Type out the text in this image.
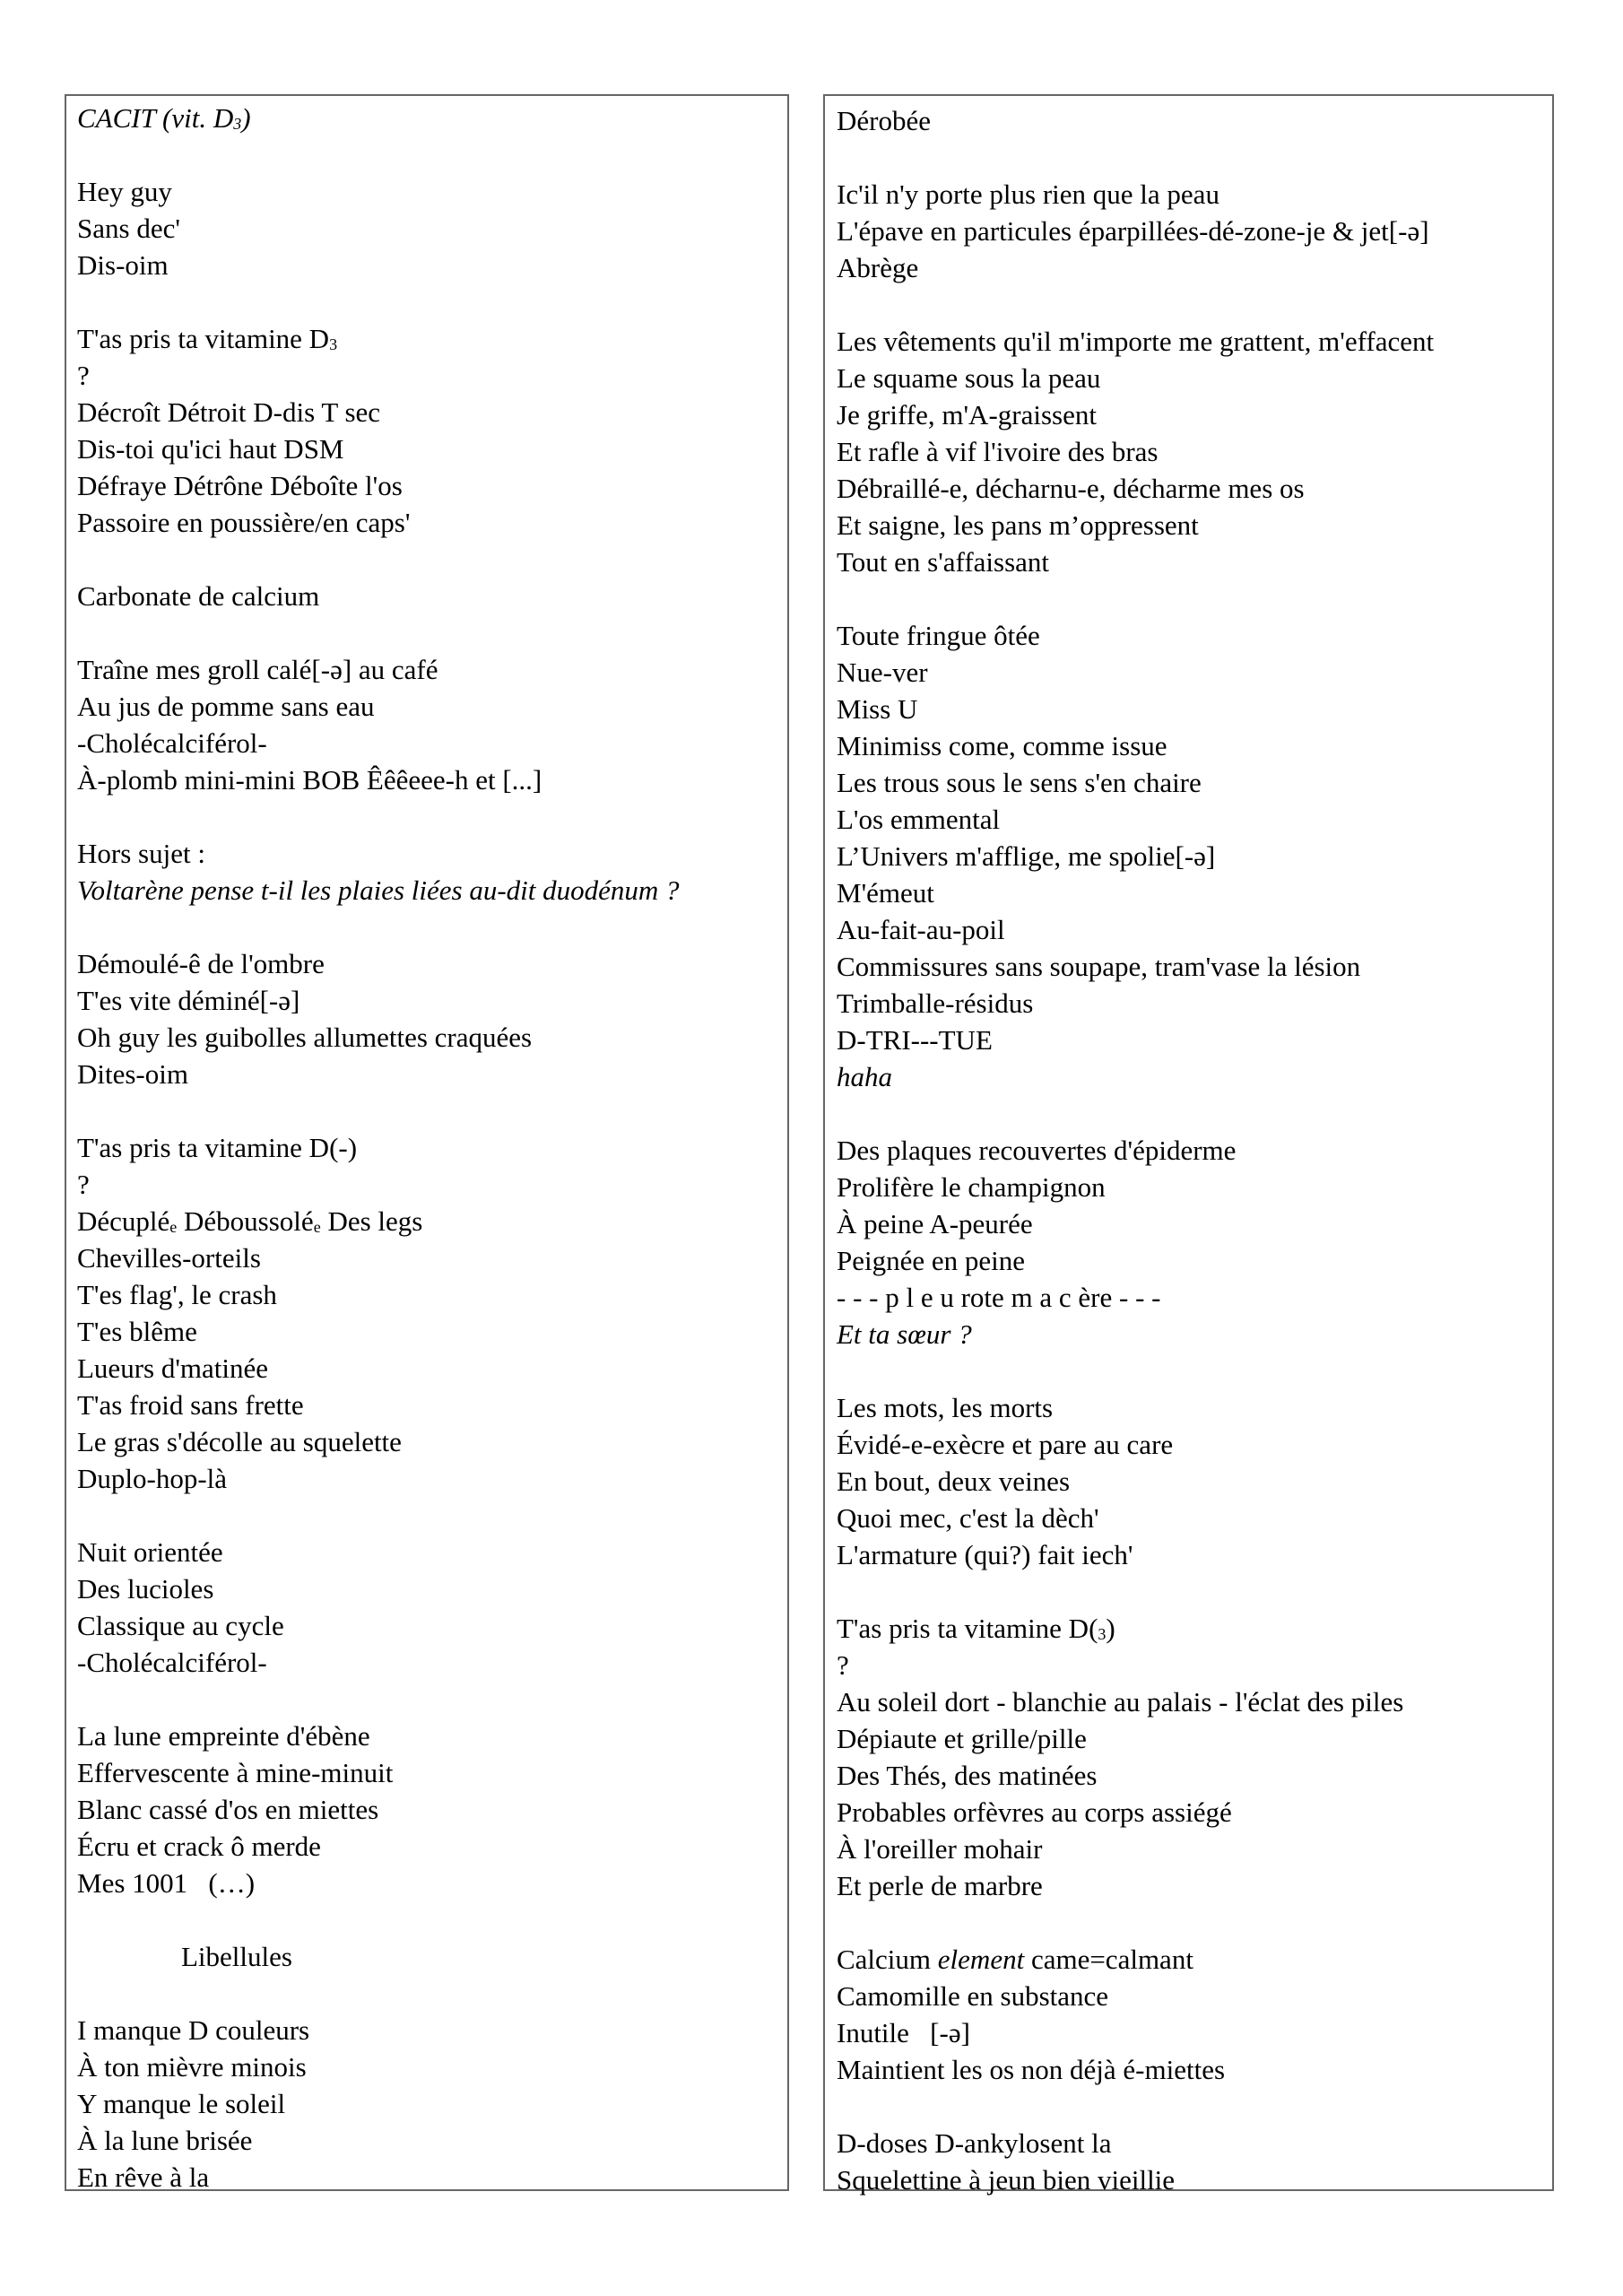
CACIT (vit. D3)
Hey guy
Sans dec'
Dis-oim
T'as pris ta vitamine D3
?
Décroît Détroit D-dis T sec
Dis-toi qu'ici haut DSM
Défraye Détrône Déboîte l'os
Passoire en poussière/en caps'
Carbonate de calcium
Traîne mes groll calé[-ə] au café
Au jus de pomme sans eau
-Cholécalciférol-
À-plomb mini-mini BOB Êêêeee-h et [...]
Hors sujet :
Voltarène pense t-il les plaies liées au-dit duodénum ?
Démoulé-ê de l'ombre
T'es vite déminé[-ə]
Oh guy les guibolles allumettes craquées
Dites-oim
T'as pris ta vitamine D(-)
?
Décuplée Déboussolée Des legs
Chevilles-orteils
T'es flag', le crash
T'es blême
Lueurs d'matinée
T'as froid sans frette
Le gras s'décolle au squelette
Duplo-hop-là
Nuit orientée
Des lucioles
Classique au cycle
-Cholécalciférol-
La lune empreinte d'ébène
Effervescente à mine-minuit
Blanc cassé d'os en miettes
Écru et crack ô merde
Mes 1001   (…)
Libellules
I manque D couleurs
À ton mièvre minois
Y manque le soleil
À la lune brisée
En rêve à la
Dérobée
Ic'il n'y porte plus rien que la peau
L'épave en particules éparpillées-dé-zone-je & jet[-ə]
Abrège
Les vêtements qu'il m'importe me grattent, m'effacent
Le squame sous la peau
Je griffe, m'A-graissent
Et rafle à vif l'ivoire des bras
Débraillé-e, décharnu-e, décharme mes os
Et saigne, les pans m’oppressent
Tout en s'affaissant
Toute fringue ôtée
Nue-ver
Miss U
Minimiss come, comme issue
Les trous sous le sens s'en chaire
L'os emmental
L’Univers m'afflige, me spolie[-ə]
M'émeut
Au-fait-au-poil
Commissures sans soupape, tram'vase la lésion
Trimballe-résidus
D-TRI---TUE
haha
Des plaques recouvertes d'épiderme
Prolifère le champignon
À peine A-peurée
Peignée en peine
- - - p l e u rote m a c ère - - -
Et ta sœur ?
Les mots, les morts
Évidé-e-exècre et pare au care
En bout, deux veines
Quoi mec, c'est la dèch'
L'armature (qui?) fait iech'
T'as pris ta vitamine D(3)
?
Au soleil dort - blanchie au palais - l'éclat des piles
Dépiaute et grille/pille
Des Thés, des matinées
Probables orfèvres au corps assiégé
À l'oreiller mohair
Et perle de marbre
Calcium element came=calmant
Camomille en substance
Inutile   [-ə]
Maintient les os non déjà é-miettes
D-doses D-ankylosent la
Squelettine à jeun bien vieillie
